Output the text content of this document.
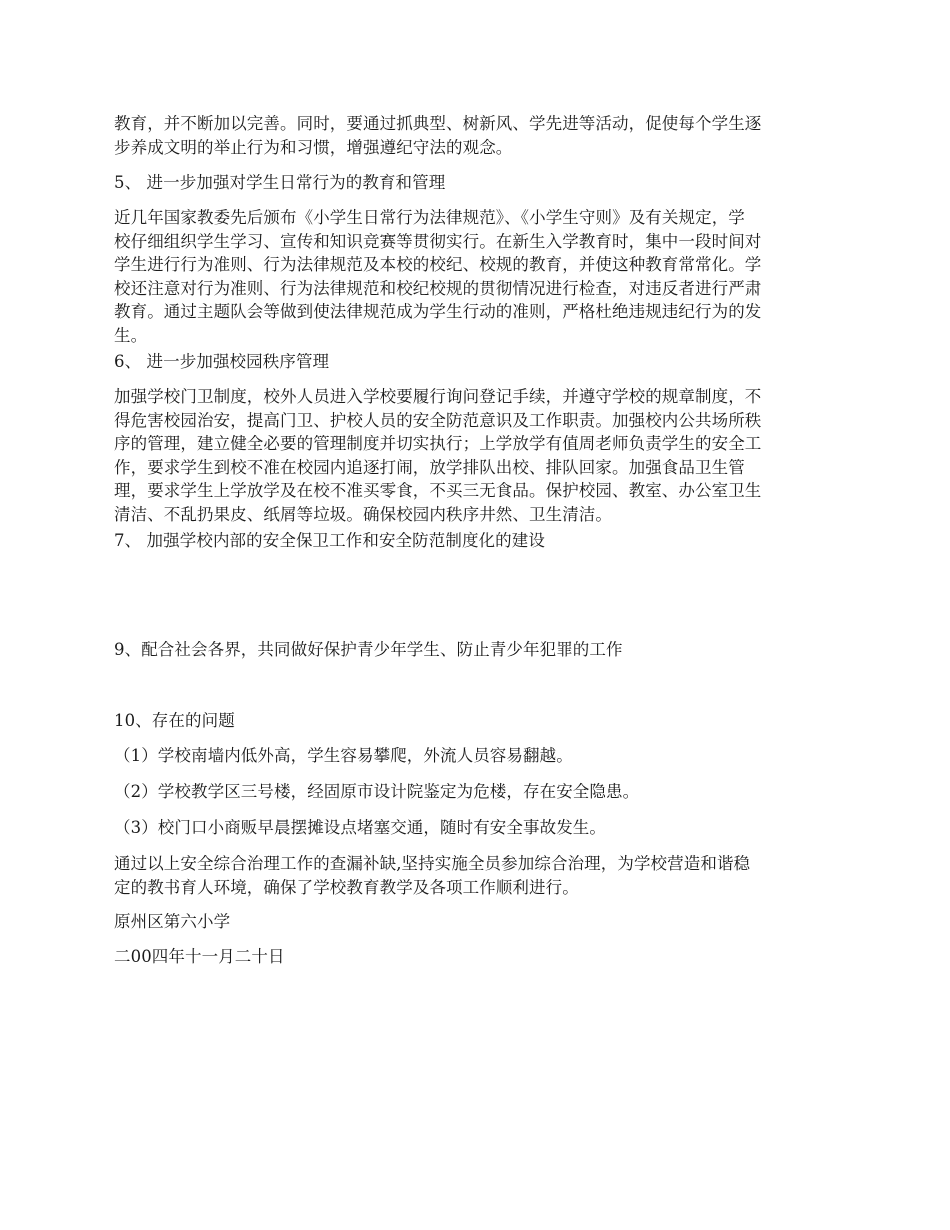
教育，并不断加以完善。同时，要通过抓典型、树新风、学先进等活动，促使每个学生逐
步养成文明的举止行为和习惯，增强遵纪守法的观念。
5、 进一步加强对学生日常行为的教育和管理
近几年国家教委先后颁布《小学生日常行为法律规范》、《小学生守则》及有关规定，学
校仔细组织学生学习、宣传和知识竞赛等贯彻实行。在新生入学教育时，集中一段时间对
学生进行行为准则、行为法律规范及本校的校纪、校规的教育，并使这种教育常常化。学
校还注意对行为准则、行为法律规范和校纪校规的贯彻情况进行检查，对违反者进行严肃
教育。通过主题队会等做到使法律规范成为学生行动的准则，严格杜绝违规违纪行为的发
生。
6、 进一步加强校园秩序管理
加强学校门卫制度，校外人员进入学校要履行询问登记手续，并遵守学校的规章制度，不
得危害校园治安，提高门卫、护校人员的安全防范意识及工作职责。加强校内公共场所秩
序的管理，建立健全必要的管理制度并切实执行；上学放学有值周老师负责学生的安全工
作，要求学生到校不准在校园内追逐打闹，放学排队出校、排队回家。加强食品卫生管
理，要求学生上学放学及在校不准买零食，不买三无食品。保护校园、教室、办公室卫生
清洁、不乱扔果皮、纸屑等垃圾。确保校园内秩序井然、卫生清洁。
7、 加强学校内部的安全保卫工作和安全防范制度化的建设
9、配合社会各界，共同做好保护青少年学生、防止青少年犯罪的工作
10、存在的问题
（1）学校南墙内低外高，学生容易攀爬，外流人员容易翻越。
（2）学校教学区三号楼，经固原市设计院鉴定为危楼，存在安全隐患。
（3）校门口小商贩早晨摆摊设点堵塞交通，随时有安全事故发生。
通过以上安全综合治理工作的查漏补缺,坚持实施全员参加综合治理，为学校营造和谐稳
定的教书育人环境，确保了学校教育教学及各项工作顺利进行。
原州区第六小学
二00四年十一月二十日
